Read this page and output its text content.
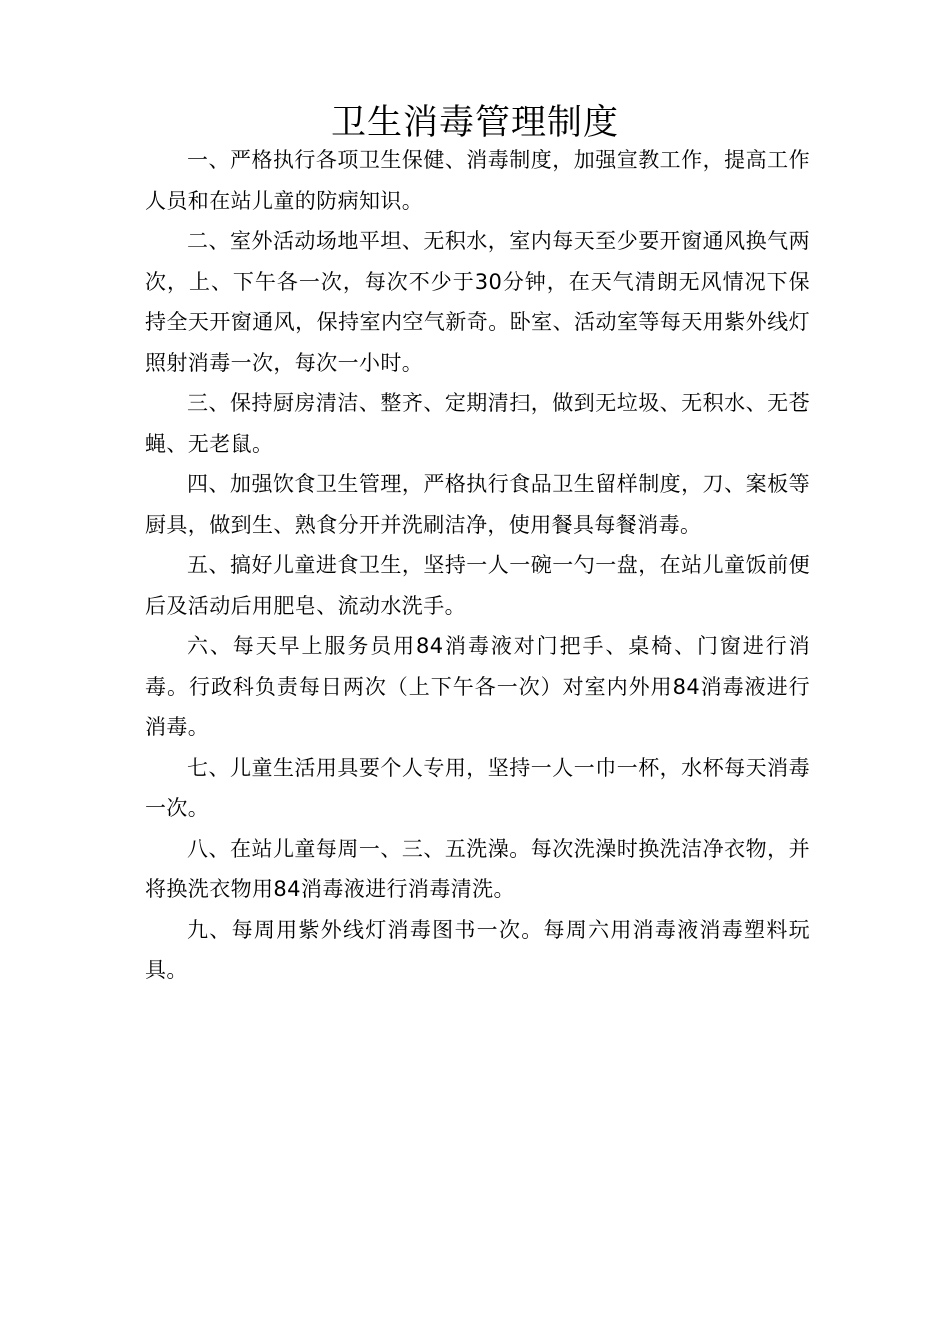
卫生消毒管理制度

一、严格执行各项卫生保健、消毒制度，加强宣教工作，提高工作人员和在站儿童的防病知识。

二、室外活动场地平坦、无积水，室内每天至少要开窗通风换气两次，上、下午各一次，每次不少于30分钟，在天气清朗无风情况下保持全天开窗通风，保持室内空气新奇。卧室、活动室等每天用紫外线灯照射消毒一次，每次一小时。

三、保持厨房清洁、整齐、定期清扫，做到无垃圾、无积水、无苍蝇、无老鼠。

四、加强饮食卫生管理，严格执行食品卫生留样制度，刀、案板等厨具，做到生、熟食分开并洗刷洁净，使用餐具每餐消毒。

五、搞好儿童进食卫生，坚持一人一碗一勺一盘，在站儿童饭前便后及活动后用肥皂、流动水洗手。

六、每天早上服务员用84消毒液对门把手、桌椅、门窗进行消毒。行政科负责每日两次（上下午各一次）对室内外用84消毒液进行消毒。

七、儿童生活用具要个人专用，坚持一人一巾一杯，水杯每天消毒一次。

八、在站儿童每周一、三、五洗澡。每次洗澡时换洗洁净衣物，并将换洗衣物用84消毒液进行消毒清洗。

九、每周用紫外线灯消毒图书一次。每周六用消毒液消毒塑料玩具。
